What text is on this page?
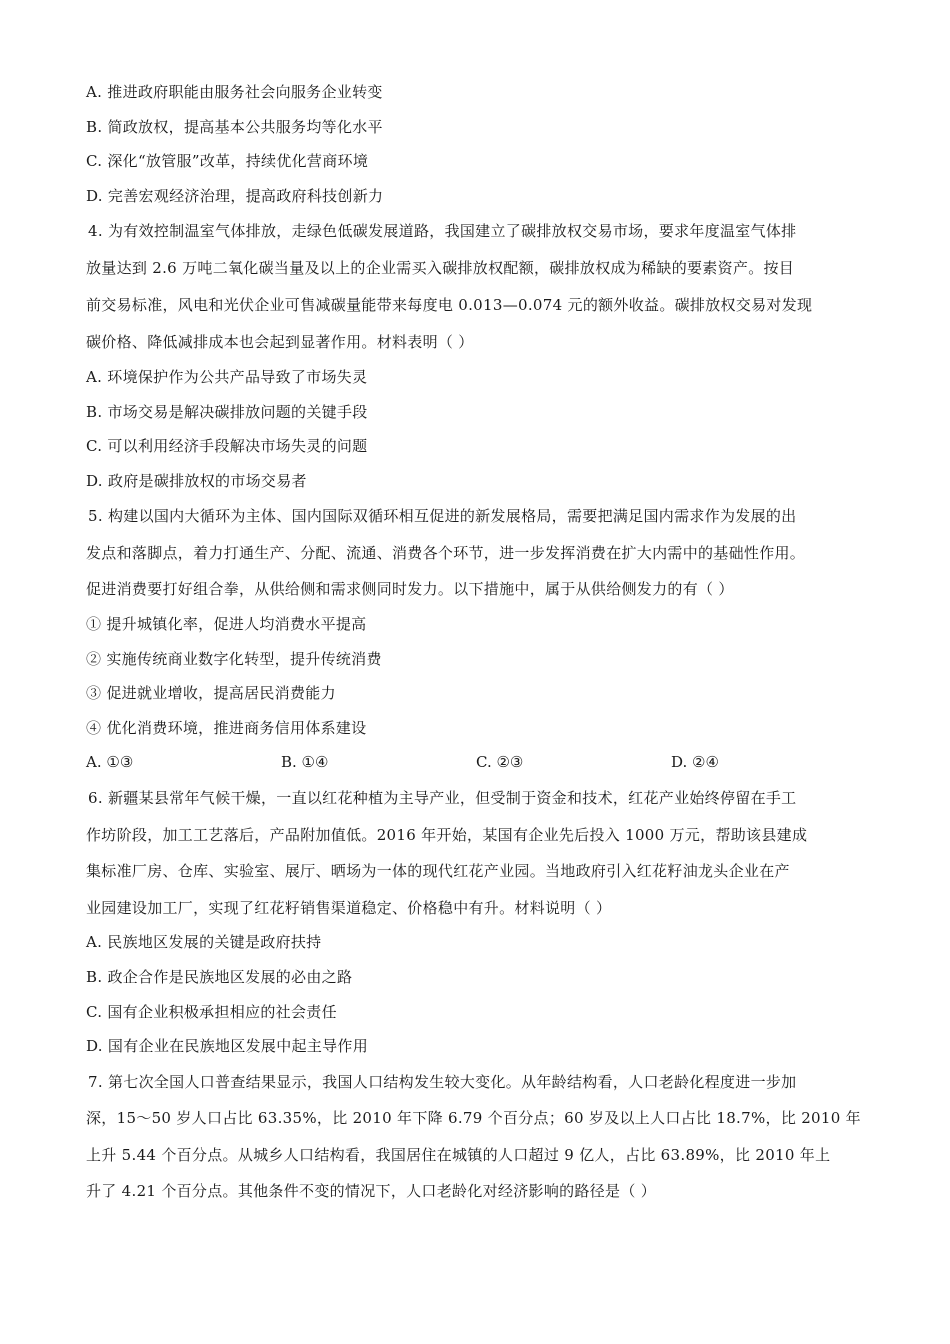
A. 推进政府职能由服务社会向服务企业转变
B. 简政放权，提高基本公共服务均等化水平
C. 深化“放管服”改革，持续优化营商环境
D. 完善宏观经济治理，提高政府科技创新力
4. 为有效控制温室气体排放，走绿色低碳发展道路，我国建立了碳排放权交易市场，要求年度温室气体排
放量达到 2.6 万吨二氧化碳当量及以上的企业需买入碳排放权配额，碳排放权成为稀缺的要素资产。按目
前交易标准，风电和光伏企业可售减碳量能带来每度电 0.013—0.074 元的额外收益。碳排放权交易对发现
碳价格、降低减排成本也会起到显著作用。材料表明（ ）
A. 环境保护作为公共产品导致了市场失灵
B. 市场交易是解决碳排放问题的关键手段
C. 可以利用经济手段解决市场失灵的问题
D. 政府是碳排放权的市场交易者
5. 构建以国内大循环为主体、国内国际双循环相互促进的新发展格局，需要把满足国内需求作为发展的出
发点和落脚点，着力打通生产、分配、流通、消费各个环节，进一步发挥消费在扩大内需中的基础性作用。
促进消费要打好组合拳，从供给侧和需求侧同时发力。以下措施中，属于从供给侧发力的有（ ）
① 提升城镇化率，促进人均消费水平提高
② 实施传统商业数字化转型，提升传统消费
③ 促进就业增收，提高居民消费能力
④ 优化消费环境，推进商务信用体系建设
A. ①③	B. ①④	C. ②③	D. ②④
6. 新疆某县常年气候干燥，一直以红花种植为主导产业，但受制于资金和技术，红花产业始终停留在手工
作坊阶段，加工工艺落后，产品附加值低。2016 年开始，某国有企业先后投入 1000 万元，帮助该县建成
集标准厂房、仓库、实验室、展厅、晒场为一体的现代红花产业园。当地政府引入红花籽油龙头企业在产
业园建设加工厂，实现了红花籽销售渠道稳定、价格稳中有升。材料说明（ ）
A. 民族地区发展的关键是政府扶持
B. 政企合作是民族地区发展的必由之路
C. 国有企业积极承担相应的社会责任
D. 国有企业在民族地区发展中起主导作用
7. 第七次全国人口普查结果显示，我国人口结构发生较大变化。从年龄结构看，人口老龄化程度进一步加
深，15～50 岁人口占比 63.35%，比 2010 年下降 6.79 个百分点；60 岁及以上人口占比 18.7%，比 2010 年
上升 5.44 个百分点。从城乡人口结构看，我国居住在城镇的人口超过 9 亿人，占比 63.89%，比 2010 年上
升了 4.21 个百分点。其他条件不变的情况下，人口老龄化对经济影响的路径是（ ）
